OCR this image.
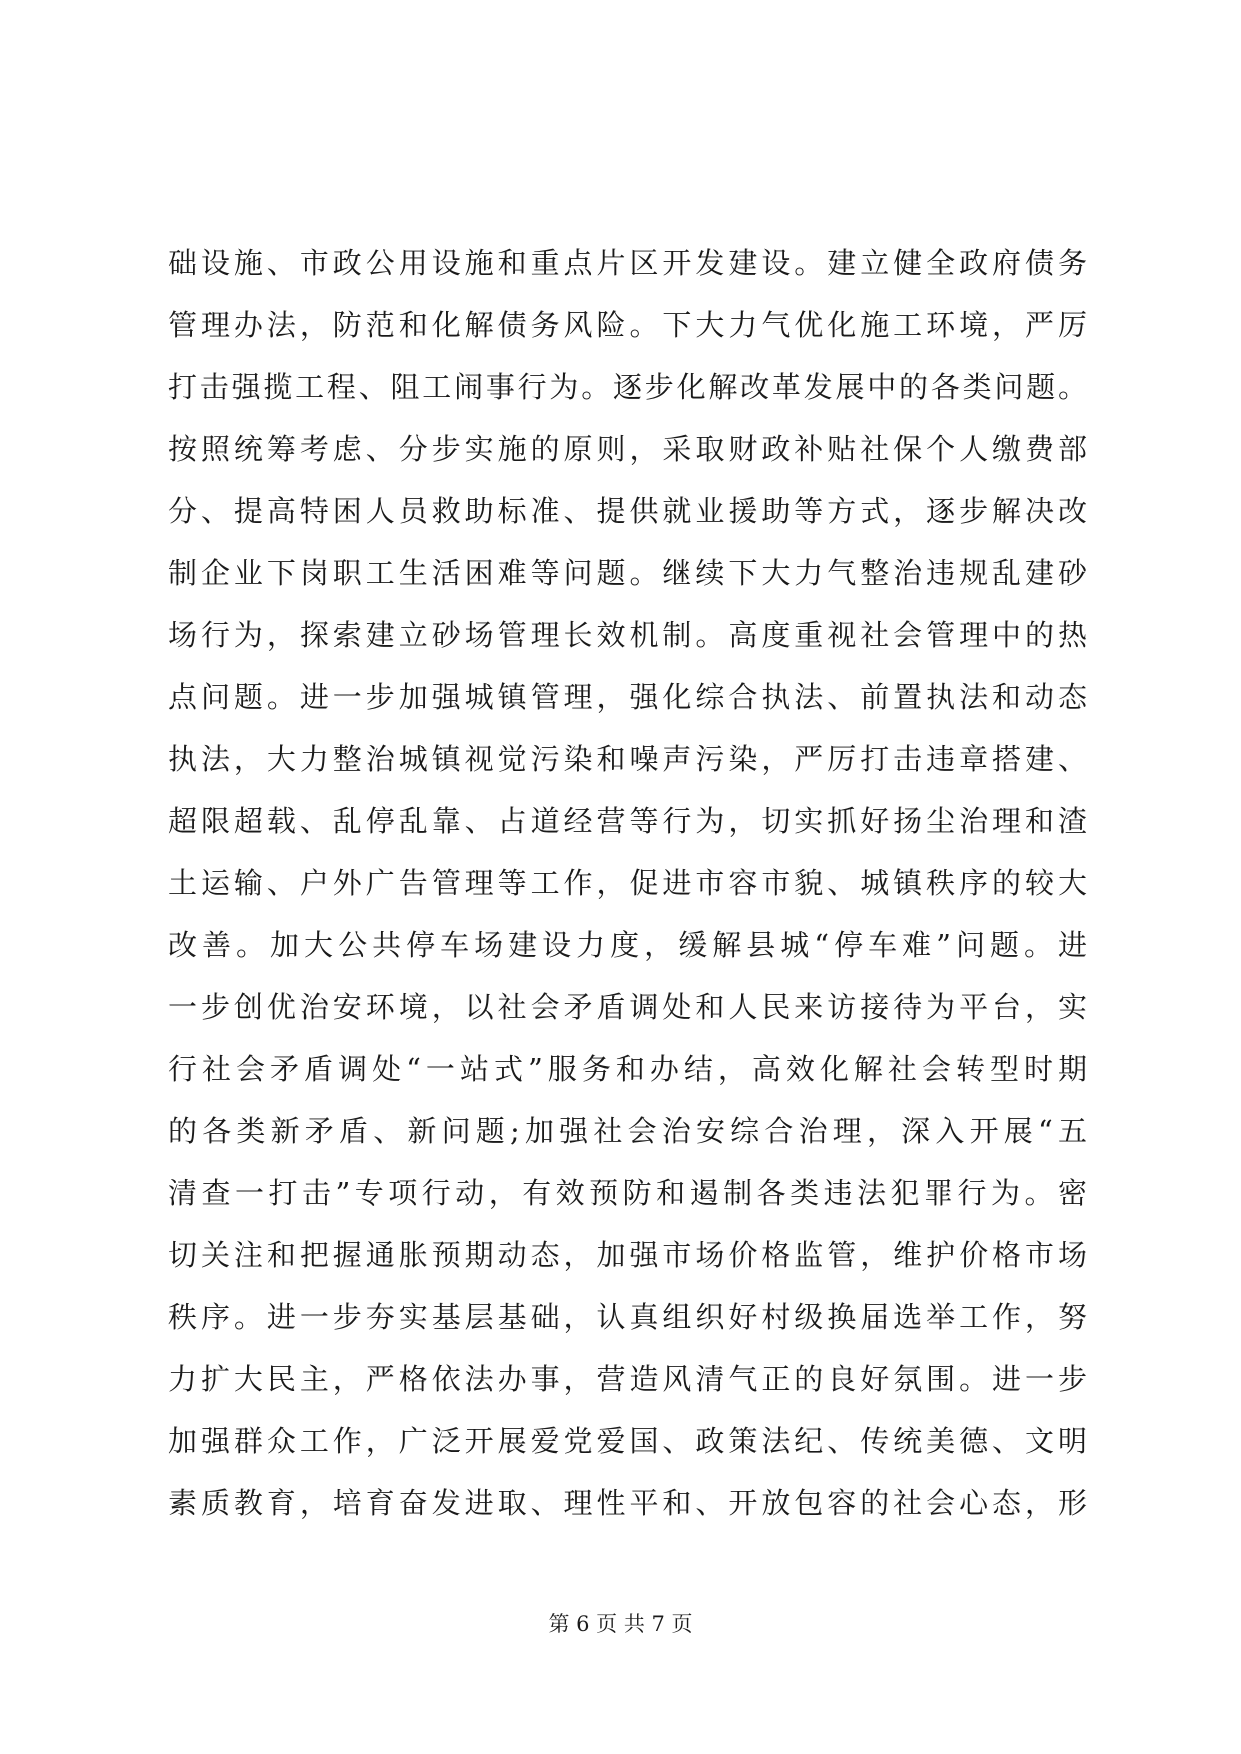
础设施、市政公用设施和重点片区开发建设。建立健全政府债务
管理办法，防范和化解债务风险。下大力气优化施工环境，严厉
打击强揽工程、阻工闹事行为。逐步化解改革发展中的各类问题。
按照统筹考虑、分步实施的原则，采取财政补贴社保个人缴费部
分、提高特困人员救助标准、提供就业援助等方式，逐步解决改
制企业下岗职工生活困难等问题。继续下大力气整治违规乱建砂
场行为，探索建立砂场管理长效机制。高度重视社会管理中的热
点问题。进一步加强城镇管理，强化综合执法、前置执法和动态
执法，大力整治城镇视觉污染和噪声污染，严厉打击违章搭建、
超限超载、乱停乱靠、占道经营等行为，切实抓好扬尘治理和渣
土运输、户外广告管理等工作，促进市容市貌、城镇秩序的较大
改善。加大公共停车场建设力度，缓解县城“停车难”问题。进
一步创优治安环境，以社会矛盾调处和人民来访接待为平台，实
行社会矛盾调处“一站式”服务和办结，高效化解社会转型时期
的各类新矛盾、新问题;加强社会治安综合治理，深入开展“五
清查一打击”专项行动，有效预防和遏制各类违法犯罪行为。密
切关注和把握通胀预期动态，加强市场价格监管，维护价格市场
秩序。进一步夯实基层基础，认真组织好村级换届选举工作，努
力扩大民主，严格依法办事，营造风清气正的良好氛围。进一步
加强群众工作，广泛开展爱党爱国、政策法纪、传统美德、文明
素质教育，培育奋发进取、理性平和、开放包容的社会心态，形
第 6 页 共 7 页
